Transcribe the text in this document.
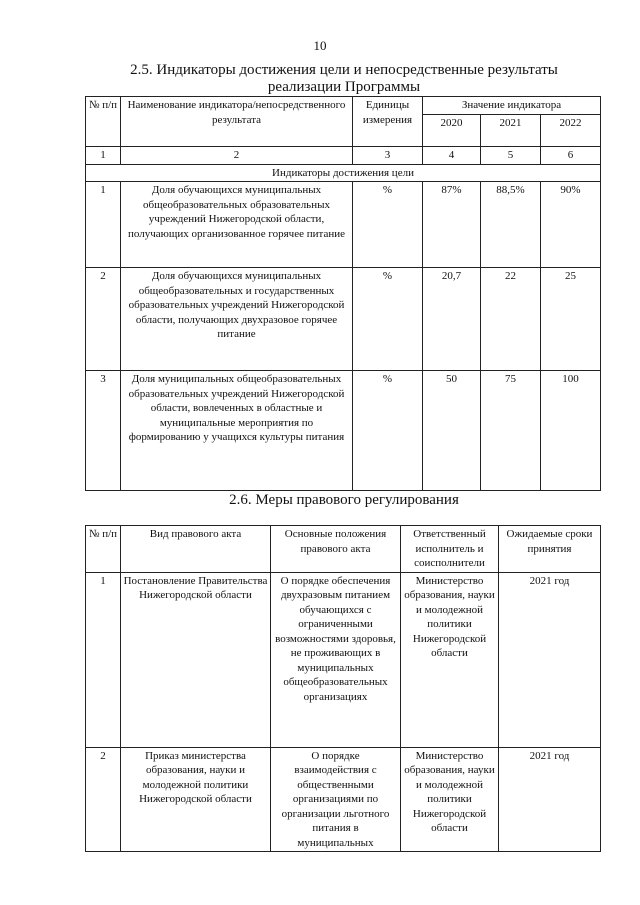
10
2.5. Индикаторы достижения цели и непосредственные результаты
реализации Программы
№ п/п	Наименование индикатора/непосредственного результата	Единицы измерения	Значение индикатора		
			2020	2021	2022
1	2	3	4	5	6
Индикаторы достижения цели					
1	Доля обучающихся муниципальных общеобразовательных образовательных учреждений Нижегородской области, получающих организованное горячее питание	%	87%	88,5%	90%
2	Доля обучающихся муниципальных общеобразовательных и государственных образовательных учреждений Нижегородской области, получающих двухразовое горячее питание	%	20,7	22	25
3	Доля муниципальных общеобразовательных образовательных учреждений Нижегородской области, вовлеченных в областные и муниципальные мероприятия по формированию у учащихся культуры питания	%	50	75	100
2.6. Меры правового регулирования
№ п/п	Вид правового акта	Основные положения правового акта	Ответственный исполнитель и соисполнители	Ожидаемые сроки принятия
1	Постановление Правительства Нижегородской области	О порядке обеспечения двухразовым питанием обучающихся с ограниченными возможностями здоровья, не проживающих в муниципальных общеобразовательных организациях	Министерство образования, науки и молодежной политики Нижегородской области	2021 год
2	Приказ министерства образования, науки и молодежной политики Нижегородской области	О порядке взаимодействия с общественными организациями по организации льготного питания в муниципальных	Министерство образования, науки и молодежной политики Нижегородской области	2021 год
